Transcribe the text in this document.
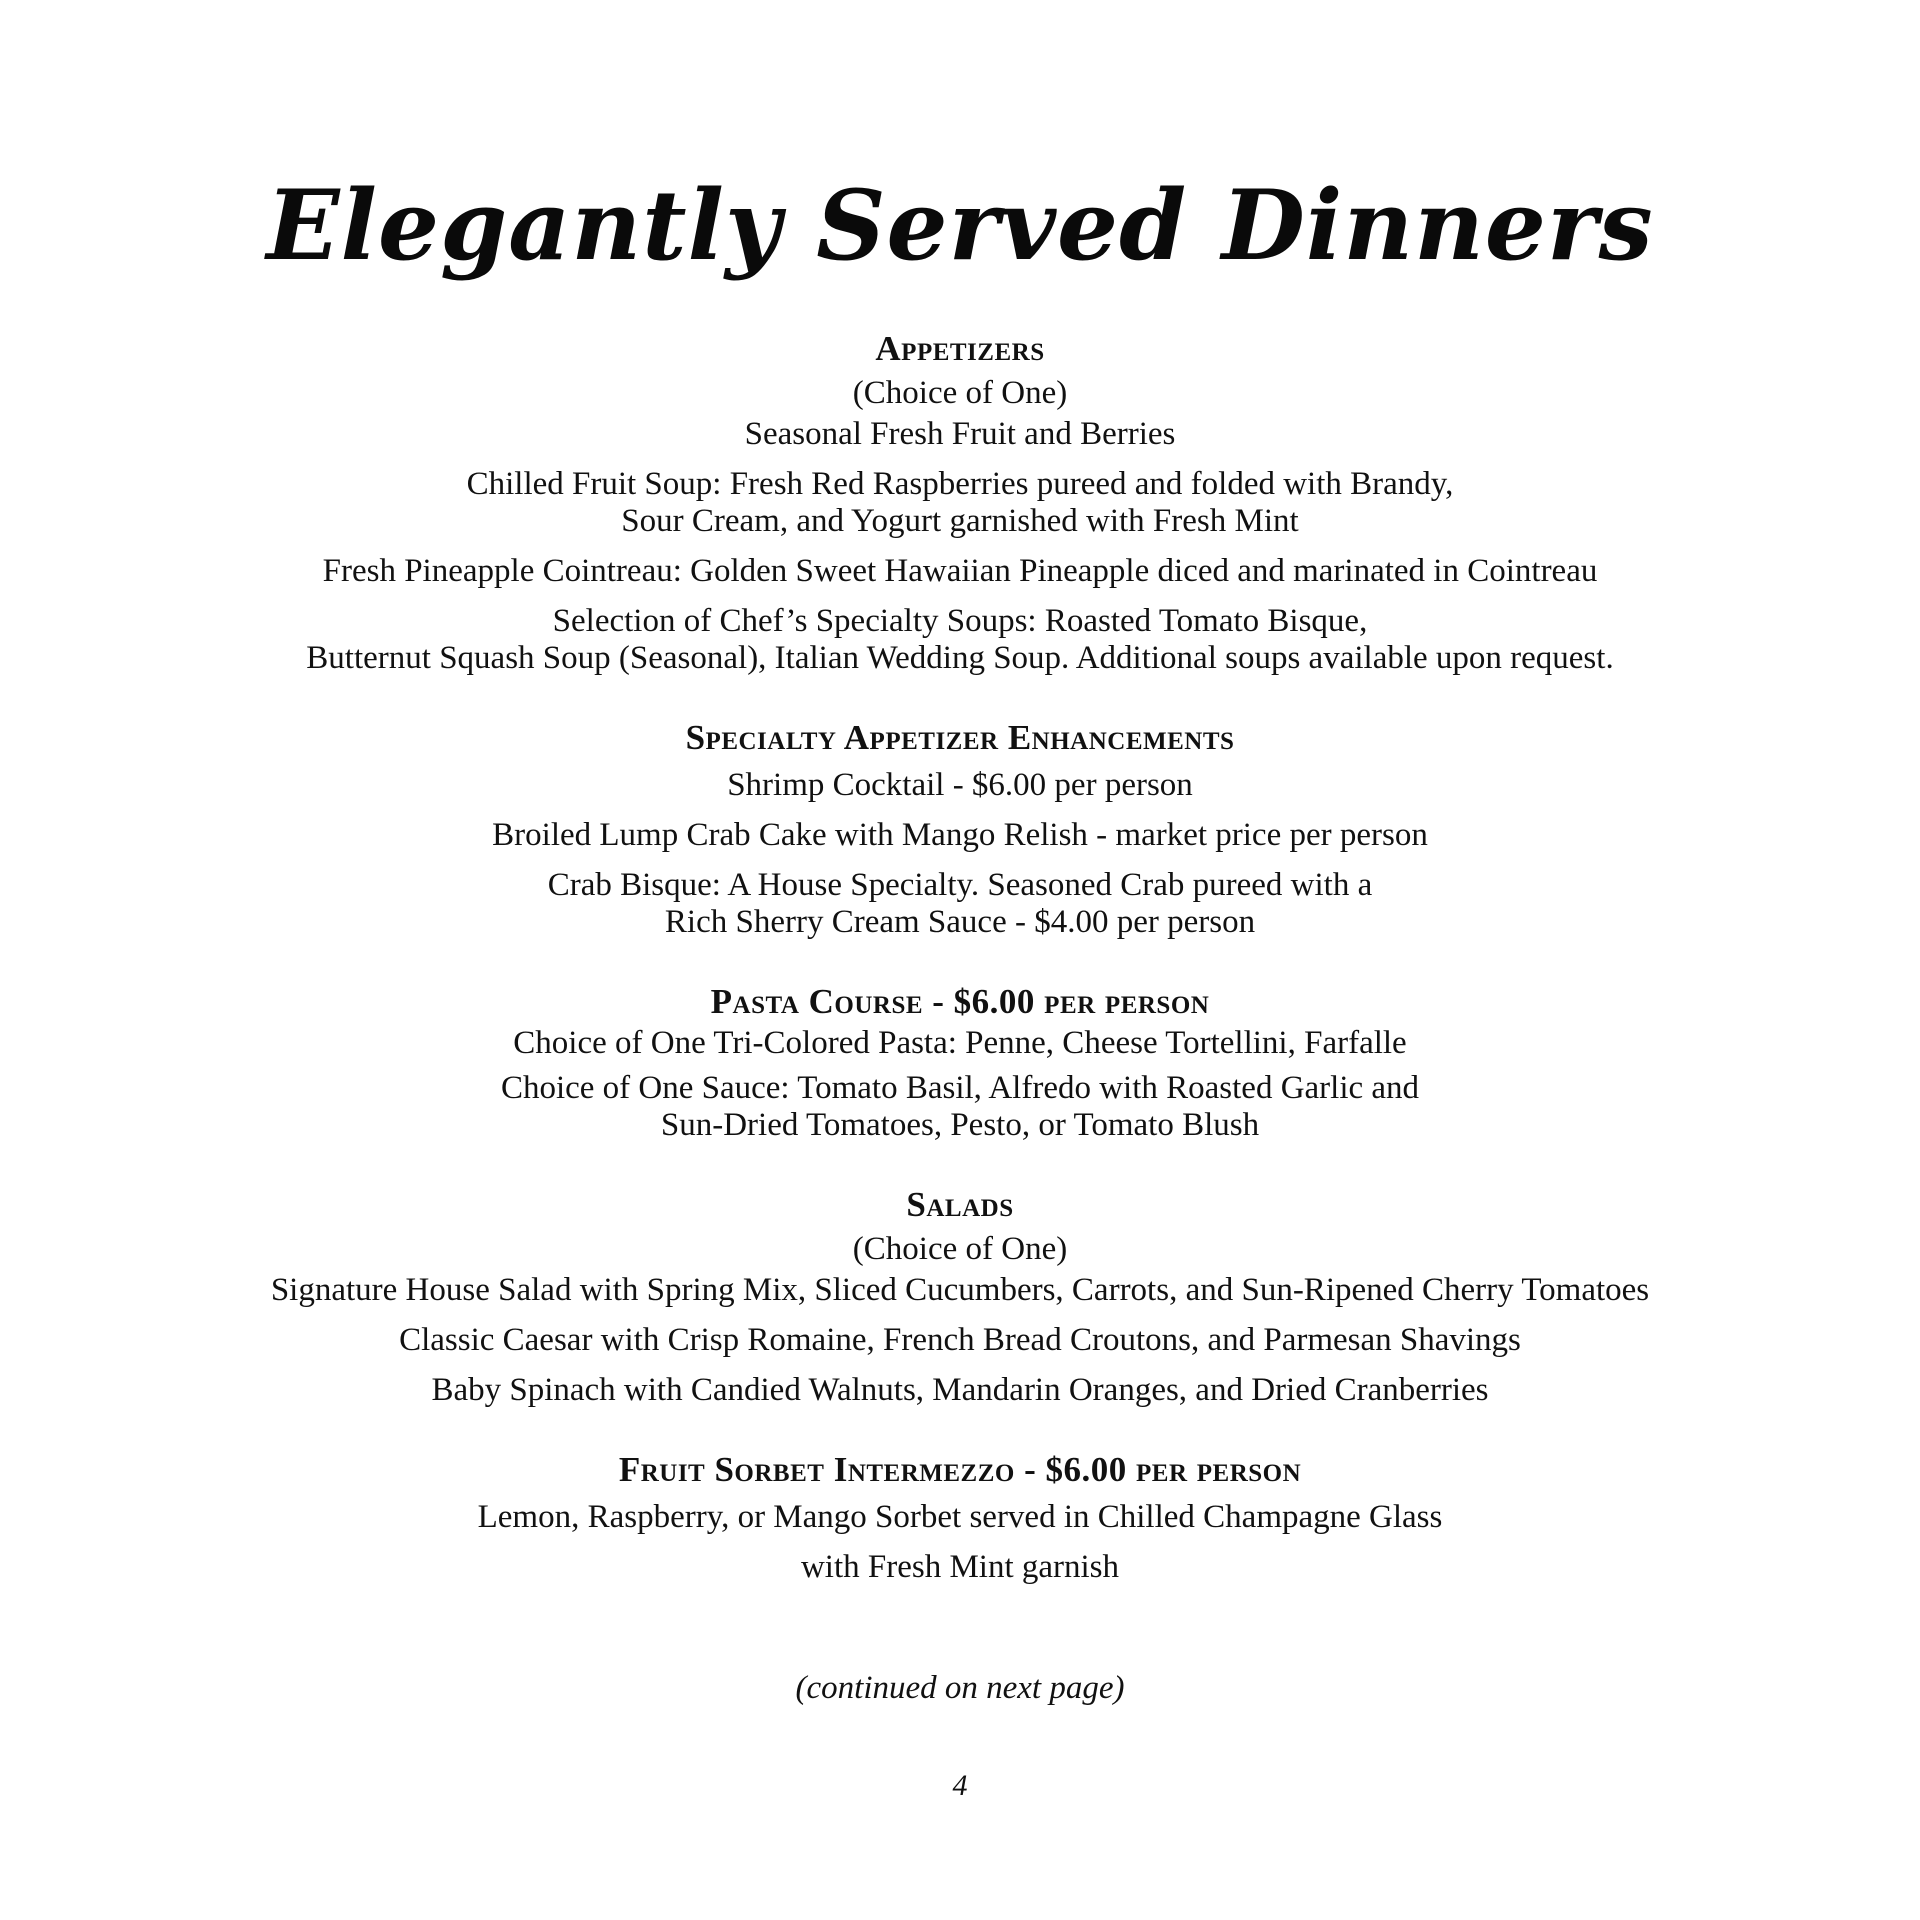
Elegantly Served Dinners

Appetizers

(Choice of One)

Seasonal Fresh Fruit and Berries

Chilled Fruit Soup: Fresh Red Raspberries pureed and folded with Brandy,
Sour Cream, and Yogurt garnished with Fresh Mint

Fresh Pineapple Cointreau: Golden Sweet Hawaiian Pineapple diced and marinated in Cointreau

Selection of Chef’s Specialty Soups: Roasted Tomato Bisque,
Butternut Squash Soup (Seasonal), Italian Wedding Soup. Additional soups available upon request.

Specialty Appetizer Enhancements

Shrimp Cocktail - $6.00 per person

Broiled Lump Crab Cake with Mango Relish - market price per person

Crab Bisque: A House Specialty. Seasoned Crab pureed with a
Rich Sherry Cream Sauce - $4.00 per person

Pasta Course - $6.00 per person

Choice of One Tri-Colored Pasta: Penne, Cheese Tortellini, Farfalle

Choice of One Sauce: Tomato Basil, Alfredo with Roasted Garlic and
Sun-Dried Tomatoes, Pesto, or Tomato Blush

Salads

(Choice of One)

Signature House Salad with Spring Mix, Sliced Cucumbers, Carrots, and Sun-Ripened Cherry Tomatoes

Classic Caesar with Crisp Romaine, French Bread Croutons, and Parmesan Shavings

Baby Spinach with Candied Walnuts, Mandarin Oranges, and Dried Cranberries

Fruit Sorbet Intermezzo - $6.00 per person

Lemon, Raspberry, or Mango Sorbet served in Chilled Champagne Glass

with Fresh Mint garnish

(continued on next page)
4
